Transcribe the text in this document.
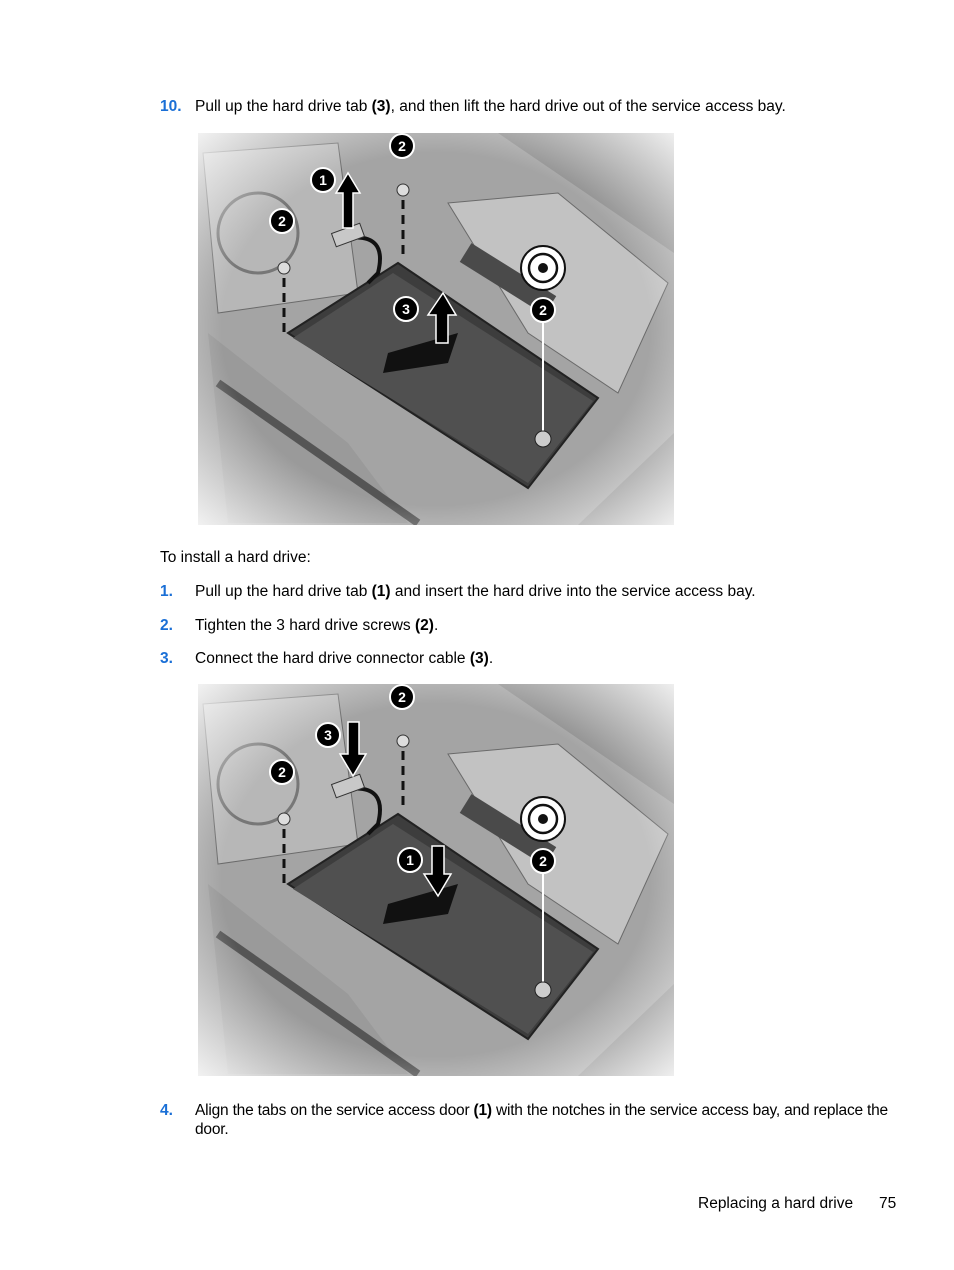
10. Pull up the hard drive tab (3), and then lift the hard drive out of the service access bay.
1
2
2
2
3
To install a hard drive:
1. Pull up the hard drive tab (1) and insert the hard drive into the service access bay.
2. Tighten the 3 hard drive screws (2).
3. Connect the hard drive connector cable (3).
3
2
2
2
1
4. Align the tabs on the service access door (1) with the notches in the service access bay, and replace the door.
Replacing a hard drive 75
